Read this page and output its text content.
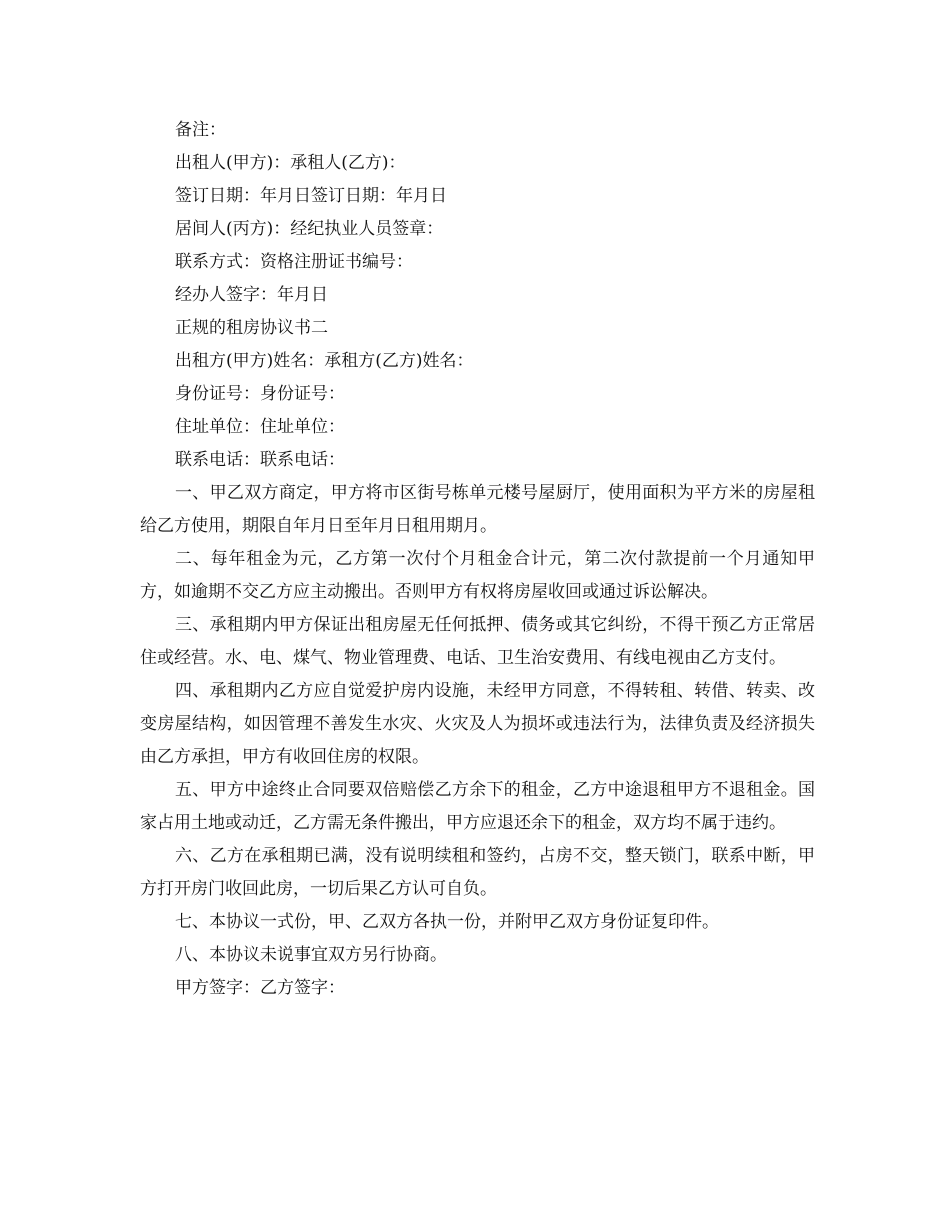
备注：
出租人(甲方)：承租人(乙方)：
签订日期：年月日签订日期：年月日
居间人(丙方)：经纪执业人员签章：
联系方式：资格注册证书编号：
经办人签字：年月日
正规的租房协议书二
出租方(甲方)姓名：承租方(乙方)姓名：
身份证号：身份证号：
住址单位：住址单位：
联系电话：联系电话：
一、甲乙双方商定，甲方将市区街号栋单元楼号屋厨厅，使用面积为平方米的房屋租给乙方使用，期限自年月日至年月日租用期月。
二、每年租金为元，乙方第一次付个月租金合计元，第二次付款提前一个月通知甲方，如逾期不交乙方应主动搬出。否则甲方有权将房屋收回或通过诉讼解决。
三、承租期内甲方保证出租房屋无任何抵押、债务或其它纠纷，不得干预乙方正常居住或经营。水、电、煤气、物业管理费、电话、卫生治安费用、有线电视由乙方支付。
四、承租期内乙方应自觉爱护房内设施，未经甲方同意，不得转租、转借、转卖、改变房屋结构，如因管理不善发生水灾、火灾及人为损坏或违法行为，法律负责及经济损失由乙方承担，甲方有收回住房的权限。
五、甲方中途终止合同要双倍赔偿乙方余下的租金，乙方中途退租甲方不退租金。国家占用土地或动迁，乙方需无条件搬出，甲方应退还余下的租金，双方均不属于违约。
六、乙方在承租期已满，没有说明续租和签约，占房不交，整天锁门，联系中断，甲方打开房门收回此房，一切后果乙方认可自负。
七、本协议一式份，甲、乙双方各执一份，并附甲乙双方身份证复印件。
八、本协议未说事宜双方另行协商。
甲方签字：乙方签字：
